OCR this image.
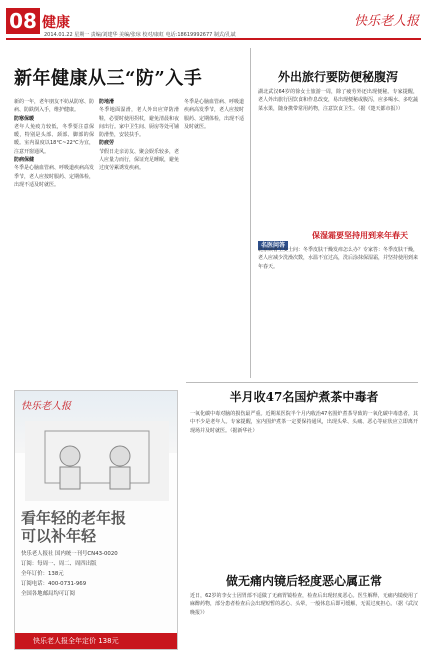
08 健康
2014.01.22 星期一 责编/刘建华 美编/张琼 校对/康虹 电话:18619992677 制式/孔斌
快乐老人报
新年健康从三“防”入手

新的一年，老年朋友不妨从防寒、防病、防跌倒入手，维护健康。

防寒保暖

老年人免疫力较低，冬季要注意保暖，特别是头部、颈部、脚部的保暖。室内温度以18℃~22℃为宜，注意开窗通风。

防病保健

冬季是心脑血管病、呼吸道疾病高发季节，老人应按时服药、定期体检，出现不适及时就医。

防地滑

冬季地面湿滑，老人外出应穿防滑鞋，必要时使用拐杖，避免清晨和夜间出行。家中卫生间、厨房等处可铺防滑垫，安装扶手。

防疲劳

节假日走亲访友、聚会娱乐较多，老人应量力而行，保证充足睡眠，避免过度劳累诱发疾病。

冬季是心脑血管病、呼吸道疾病高发季节，老人应按时服药、定期体检，出现不适及时就医。

外出旅行要防便秘腹泻
湖北武汉64岁的徐女士旅游一周，除了疲劳外还出现便秘。专家提醒，老人外出旅行因饮食和作息改变，易出现便秘或腹泻，应多喝水、多吃蔬菜水果，随身携带常用药物，注意饮食卫生。（据《楚天都市报》）
名医问答
保湿霜要坚持用到来年春天
北京读者王女士问：冬季皮肤干燥发痒怎么办？专家答：冬季皮肤干燥，老人应减少洗澡次数，水温不宜过高，洗后涂抹保湿霜，并坚持使用到来年春天。
半月收47名国炉煮茶中毒者
一氧化碳中毒对脑的损伤最严重。近期某医院半个月内收治47名围炉煮茶导致的一氧化碳中毒患者，其中不少是老年人。专家提醒，室内围炉煮茶一定要保持通风，出现头晕、头痛、恶心等症状应立即离开现场并及时就医。（据新华社）
做无痛内镜后轻度恶心属正常
近日，62岁的李女士因胃部不适做了无痛胃镜检查，检查后出现轻度恶心。医生解释，无痛内镜使用了麻醉药物，部分患者检查后会出现短暂的恶心、头晕，一般休息后即可缓解，无需过度担心。（据《武汉晚报》）
快乐老人报
看年轻的老年报
可以补年轻
快乐老人报社 国内统一刊号CN43-0020
订阅：每周一、周二、周四出版
全年订价：138元
订阅电话：400-0731-969
全国各地邮局均可订阅
快乐老人报全年定价 138元
